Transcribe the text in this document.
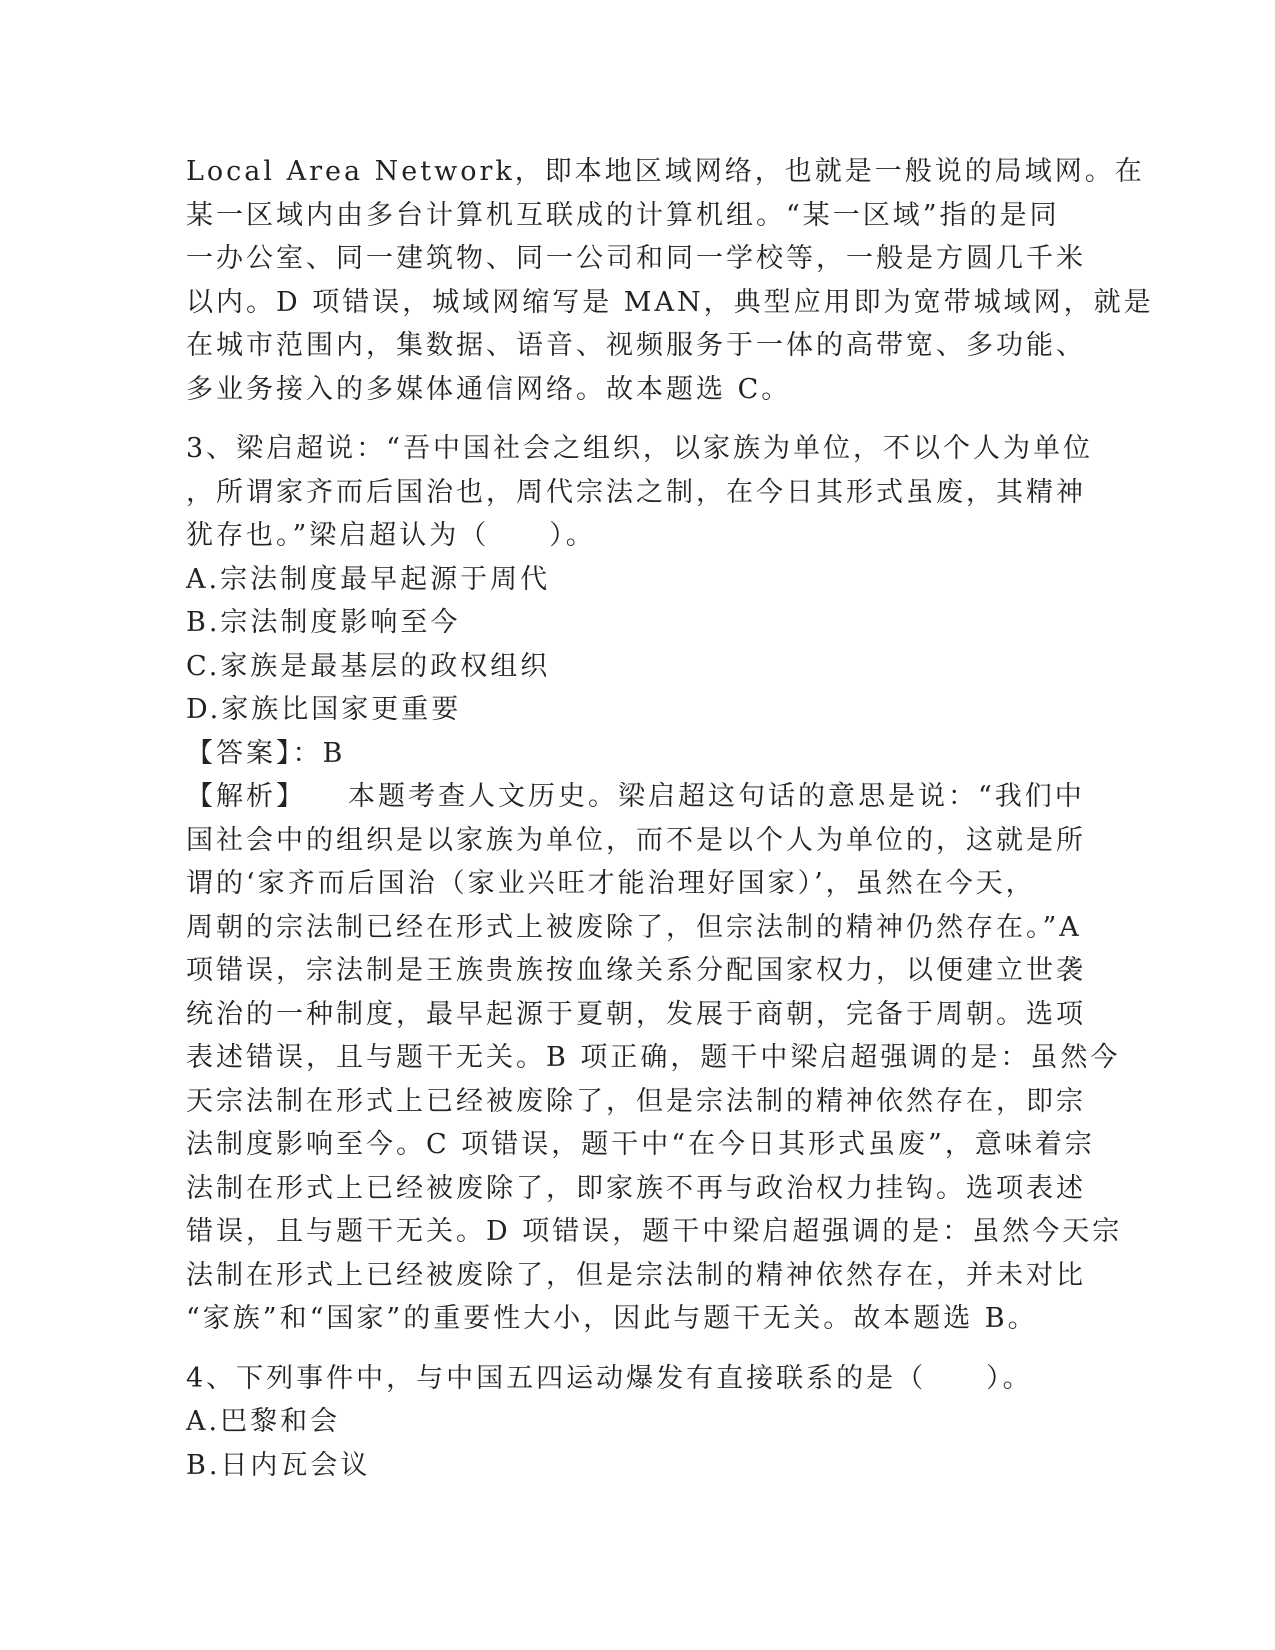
Local Area Network，即本地区域网络，也就是一般说的局域网。在

某一区域内由多台计算机互联成的计算机组。“某一区域”指的是同

一办公室、同一建筑物、同一公司和同一学校等，一般是方圆几千米

以内。D 项错误，城域网缩写是 MAN，典型应用即为宽带城域网，就是

在城市范围内，集数据、语音、视频服务于一体的高带宽、多功能、

多业务接入的多媒体通信网络。故本题选 C。

3、梁启超说：“吾中国社会之组织，以家族为单位，不以个人为单位

，所谓家齐而后国治也，周代宗法之制，在今日其形式虽废，其精神

犹存也。”梁启超认为（　　）。

A.宗法制度最早起源于周代

B.宗法制度影响至今

C.家族是最基层的政权组织

D.家族比国家更重要

【答案】：B

【解析】 本题考查人文历史。梁启超这句话的意思是说：“我们中

国社会中的组织是以家族为单位，而不是以个人为单位的，这就是所

谓的‘家齐而后国治（家业兴旺才能治理好国家）’，虽然在今天，

周朝的宗法制已经在形式上被废除了，但宗法制的精神仍然存在。”A

项错误，宗法制是王族贵族按血缘关系分配国家权力，以便建立世袭

统治的一种制度，最早起源于夏朝，发展于商朝，完备于周朝。选项

表述错误，且与题干无关。B 项正确，题干中梁启超强调的是：虽然今

天宗法制在形式上已经被废除了，但是宗法制的精神依然存在，即宗

法制度影响至今。C 项错误，题干中“在今日其形式虽废”，意味着宗

法制在形式上已经被废除了，即家族不再与政治权力挂钩。选项表述

错误，且与题干无关。D 项错误，题干中梁启超强调的是：虽然今天宗

法制在形式上已经被废除了，但是宗法制的精神依然存在，并未对比

“家族”和“国家”的重要性大小，因此与题干无关。故本题选 B。

4、下列事件中，与中国五四运动爆发有直接联系的是（　　）。

A.巴黎和会

B.日内瓦会议
